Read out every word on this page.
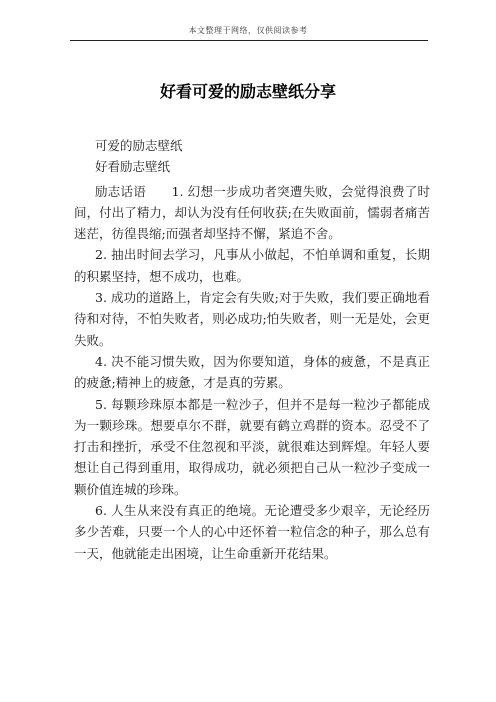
本文整理于网络，仅供阅读参考
好看可爱的励志壁纸分享

可爱的励志壁纸

好看励志壁纸

励志话语　　1. 幻想一步成功者突遭失败，会觉得浪费了时间，付出了精力，却认为没有任何收获;在失败面前，懦弱者痛苦迷茫，彷徨畏缩;而强者却坚持不懈，紧追不舍。

2. 抽出时间去学习，凡事从小做起，不怕单调和重复，长期的积累坚持，想不成功，也难。

3. 成功的道路上，肯定会有失败;对于失败，我们要正确地看待和对待，不怕失败者，则必成功;怕失败者，则一无是处，会更失败。

4. 决不能习惯失败，因为你要知道，身体的疲惫，不是真正的疲惫;精神上的疲惫，才是真的劳累。

5. 每颗珍珠原本都是一粒沙子，但并不是每一粒沙子都能成为一颗珍珠。想要卓尔不群，就要有鹤立鸡群的资本。忍受不了打击和挫折，承受不住忽视和平淡，就很难达到辉煌。年轻人要想让自己得到重用，取得成功，就必须把自己从一粒沙子变成一颗价值连城的珍珠。

6. 人生从来没有真正的绝境。无论遭受多少艰辛，无论经历多少苦难，只要一个人的心中还怀着一粒信念的种子，那么总有一天，他就能走出困境，让生命重新开花结果。
